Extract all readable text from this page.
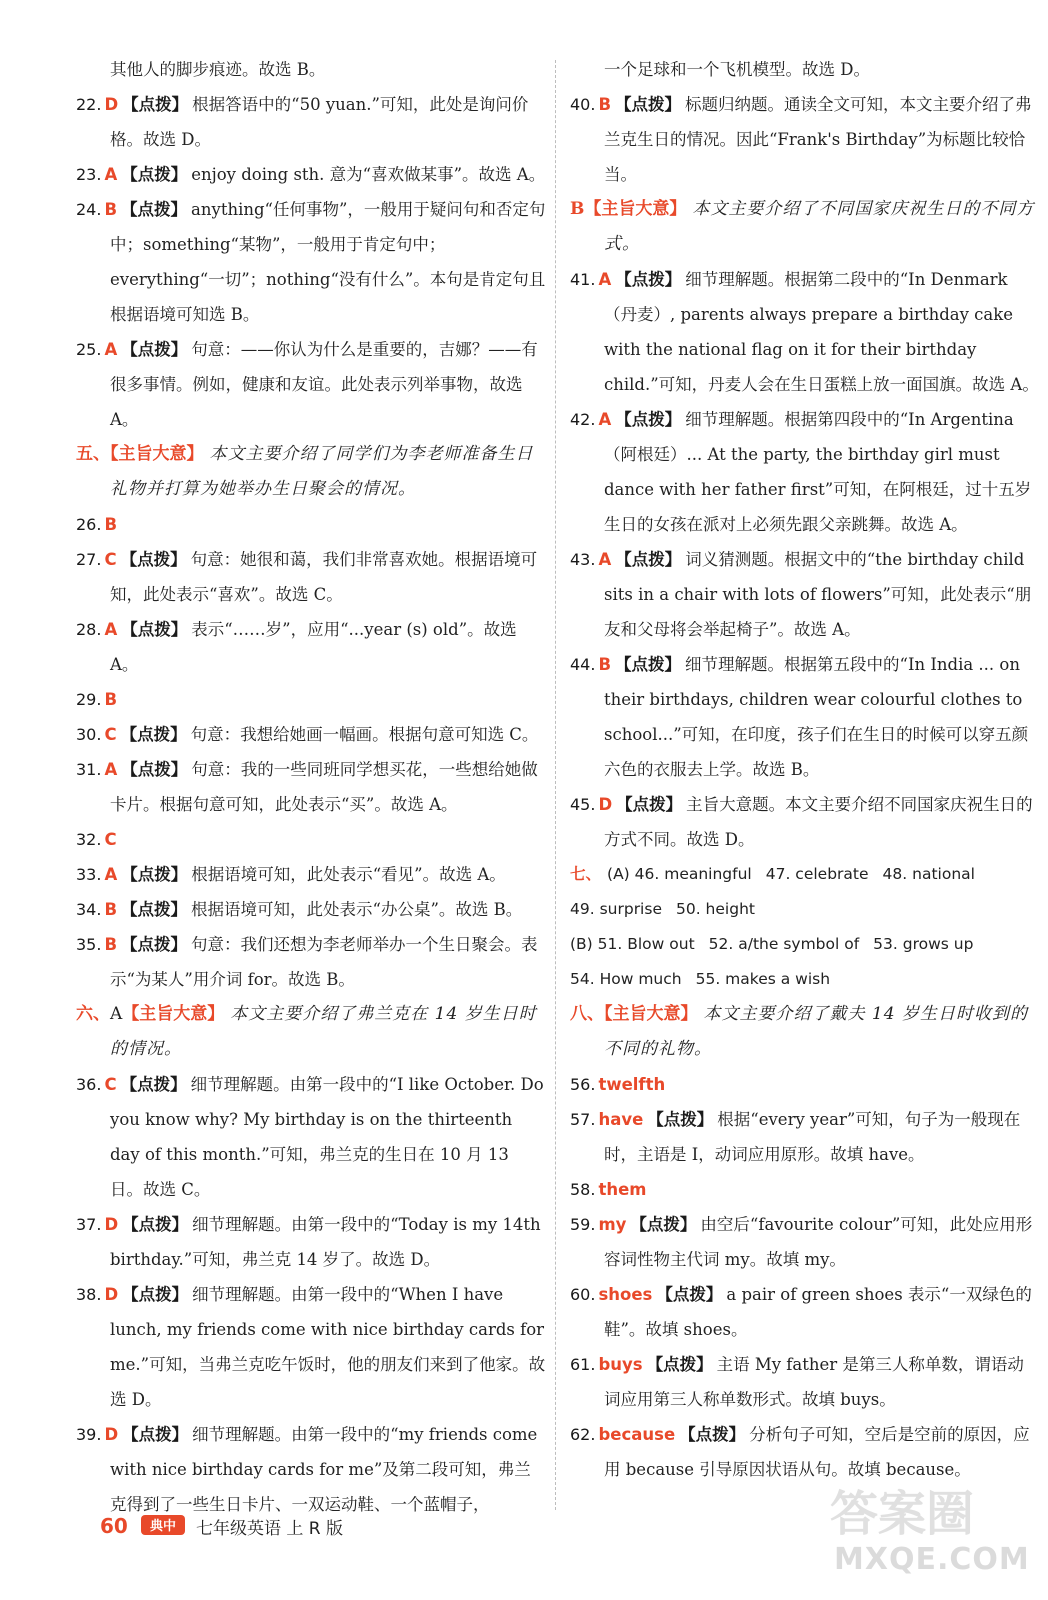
其他人的脚步痕迹。故选 B。
22. D 【点拨】 根据答语中的“50 yuan.”可知，此处是询问价格。故选 D。
23. A 【点拨】 enjoy doing sth. 意为“喜欢做某事”。故选 A。
24. B 【点拨】 anything“任何事物”，一般用于疑问句和否定句中；something“某物”，一般用于肯定句中；everything“一切”；nothing“没有什么”。本句是肯定句且根据语境可知选 B。
25. A 【点拨】 句意：——你认为什么是重要的，吉娜？——有很多事情。例如，健康和友谊。此处表示列举事物，故选 A。
五、【主旨大意】 本文主要介绍了同学们为李老师准备生日礼物并打算为她举办生日聚会的情况。
26. B
27. C 【点拨】 句意：她很和蔼，我们非常喜欢她。根据语境可知，此处表示“喜欢”。故选 C。
28. A 【点拨】 表示“……岁”，应用“...year (s) old”。故选 A。
29. B
30. C 【点拨】 句意：我想给她画一幅画。根据句意可知选 C。
31. A 【点拨】 句意：我的一些同班同学想买花，一些想给她做卡片。根据句意可知，此处表示“买”。故选 A。
32. C
33. A 【点拨】 根据语境可知，此处表示“看见”。故选 A。
34. B 【点拨】 根据语境可知，此处表示“办公桌”。故选 B。
35. B 【点拨】 句意：我们还想为李老师举办一个生日聚会。表示“为某人”用介词 for。故选 B。
六、A【主旨大意】 本文主要介绍了弗兰克在 14 岁生日时的情况。
36. C 【点拨】 细节理解题。由第一段中的“I like October. Do you know why? My birthday is on the thirteenth day of this month.”可知，弗兰克的生日在 10 月 13 日。故选 C。
37. D 【点拨】 细节理解题。由第一段中的“Today is my 14th birthday.”可知，弗兰克 14 岁了。故选 D。
38. D 【点拨】 细节理解题。由第一段中的“When I have lunch, my friends come with nice birthday cards for me.”可知，当弗兰克吃午饭时，他的朋友们来到了他家。故选 D。
39. D 【点拨】 细节理解题。由第一段中的“my friends come with nice birthday cards for me”及第二段可知，弗兰克得到了一些生日卡片、一双运动鞋、一个蓝帽子，
一个足球和一个飞机模型。故选 D。
40. B 【点拨】 标题归纳题。通读全文可知，本文主要介绍了弗兰克生日的情况。因此“Frank's Birthday”为标题比较恰当。
B【主旨大意】 本文主要介绍了不同国家庆祝生日的不同方式。
41. A 【点拨】 细节理解题。根据第二段中的“In Denmark（丹麦）, parents always prepare a birthday cake with the national flag on it for their birthday child.”可知，丹麦人会在生日蛋糕上放一面国旗。故选 A。
42. A 【点拨】 细节理解题。根据第四段中的“In Argentina（阿根廷）... At the party, the birthday girl must dance with her father first”可知，在阿根廷，过十五岁生日的女孩在派对上必须先跟父亲跳舞。故选 A。
43. A 【点拨】 词义猜测题。根据文中的“the birthday child sits in a chair with lots of flowers”可知，此处表示“朋友和父母将会举起椅子”。故选 A。
44. B 【点拨】 细节理解题。根据第五段中的“In India ... on their birthdays, children wear colourful clothes to school...”可知，在印度，孩子们在生日的时候可以穿五颜六色的衣服去上学。故选 B。
45. D 【点拨】 主旨大意题。本文主要介绍不同国家庆祝生日的方式不同。故选 D。
七、 (A) 46. meaningful 47. celebrate 48. national
49. surprise 50. height
(B) 51. Blow out 52. a/the symbol of 53. grows up
54. How much 55. makes a wish
八、【主旨大意】 本文主要介绍了戴夫 14 岁生日时收到的不同的礼物。
56. twelfth
57. have 【点拨】 根据“every year”可知，句子为一般现在时，主语是 I，动词应用原形。故填 have。
58. them
59. my 【点拨】 由空后“favourite colour”可知，此处应用形容词性物主代词 my。故填 my。
60. shoes 【点拨】 a pair of green shoes 表示“一双绿色的鞋”。故填 shoes。
61. buys 【点拨】 主语 My father 是第三人称单数，谓语动词应用第三人称单数形式。故填 buys。
62. because 【点拨】 分析句子可知，空后是空前的原因，应用 because 引导原因状语从句。故填 because。
60 典中 七年级英语 上 R 版	答案圈
MXQE.COM
